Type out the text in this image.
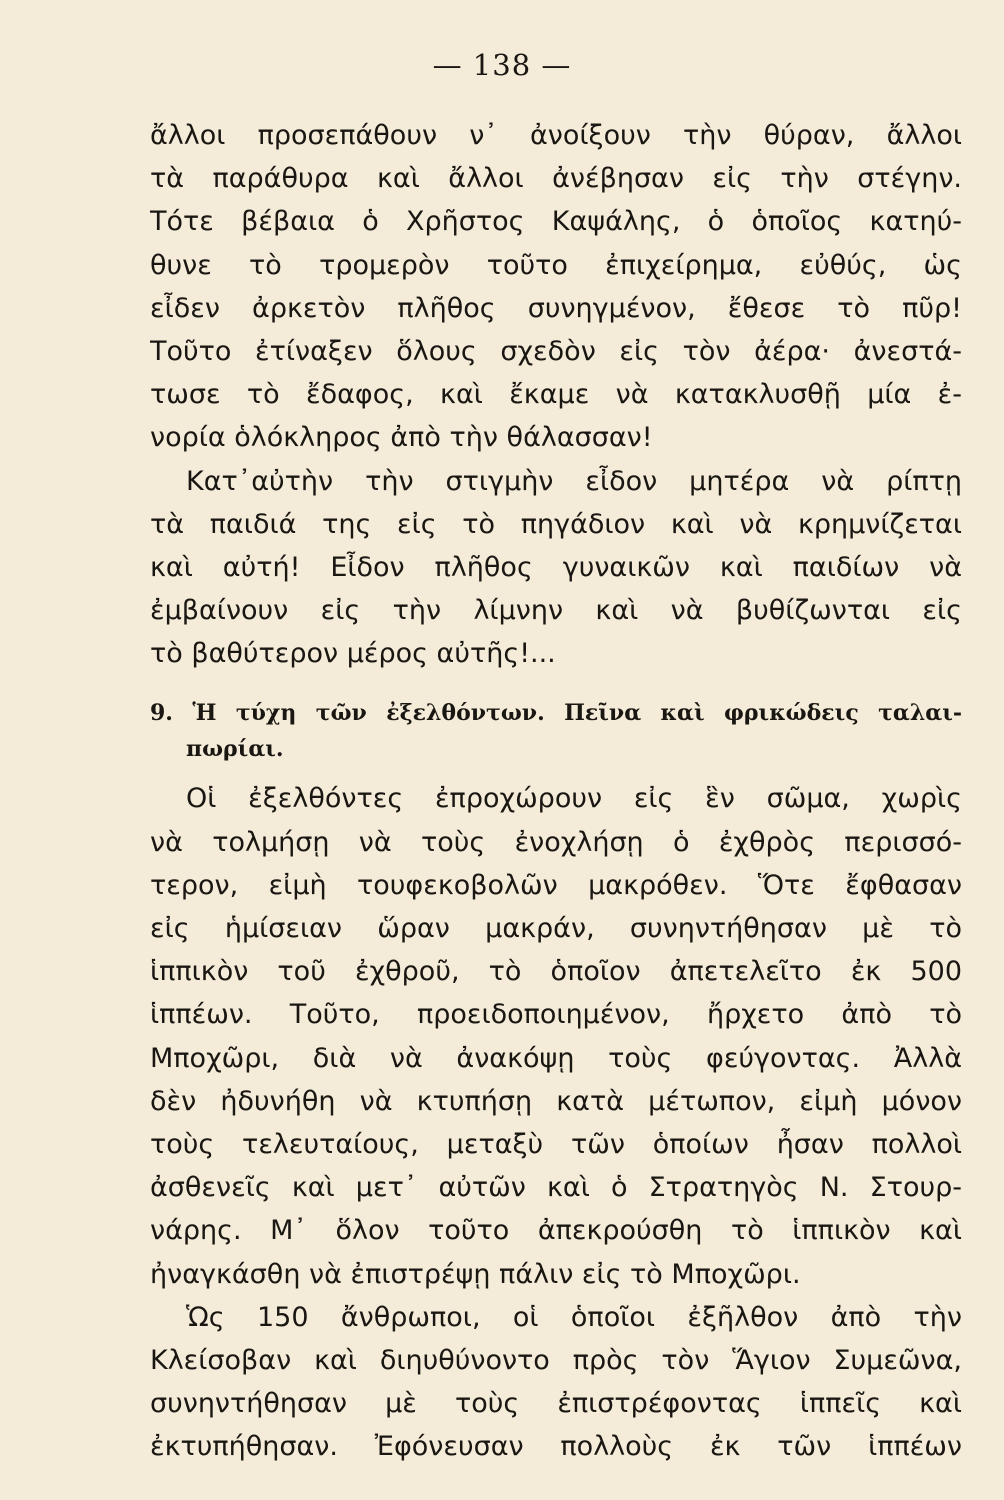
— 138 —
ἄλλοι προσεπάθουν ν᾽ ἀνοίξουν τὴν θύραν, ἄλλοι
τὰ παράθυρα καὶ ἄλλοι ἀνέβησαν εἰς τὴν στέγην.
Τότε βέβαια ὁ Χρῆστος Καψάλης, ὁ ὁποῖος κατηύ-
θυνε τὸ τρομερὸν τοῦτο ἐπιχείρημα, εὐθύς, ὡς
εἶδεν ἀρκετὸν πλῆθος συνηγμένον, ἔθεσε τὸ πῦρ!
Τοῦτο ἐτίναξεν ὅλους σχεδὸν εἰς τὸν ἀέρα· ἀνεστά-
τωσε τὸ ἔδαφος, καὶ ἔκαμε νὰ κατακλυσθῇ μία ἐ-
νορία ὁλόκληρος ἀπὸ τὴν θάλασσαν!
Κατ᾽αὐτὴν τὴν στιγμὴν εἶδον μητέρα νὰ ρίπτῃ
τὰ παιδιά της εἰς τὸ πηγάδιον καὶ νὰ κρημνίζεται
καὶ αὐτή! Εἶδον πλῆθος γυναικῶν καὶ παιδίων νὰ
ἐμβαίνουν εἰς τὴν λίμνην καὶ νὰ βυθίζωνται εἰς
τὸ βαθύτερον μέρος αὐτῆς!...
9. Ἡ τύχη τῶν ἐξελθόντων. Πεῖνα καὶ φρικώδεις ταλαι-
πωρίαι.
Οἱ ἐξελθόντες ἐπροχώρουν εἰς ἓν σῶμα, χωρὶς
νὰ τολμήσῃ νὰ τοὺς ἐνοχλήσῃ ὁ ἐχθρὸς περισσό-
τερον, εἰμὴ τουφεκοβολῶν μακρόθεν. Ὅτε ἔφθασαν
εἰς ἡμίσειαν ὥραν μακράν, συνηντήθησαν μὲ τὸ
ἱππικὸν τοῦ ἐχθροῦ, τὸ ὁποῖον ἀπετελεῖτο ἐκ 500
ἱππέων. Τοῦτο, προειδοποιημένον, ἤρχετο ἀπὸ τὸ
Μποχῶρι, διὰ νὰ ἀνακόψῃ τοὺς φεύγοντας. Ἀλλὰ
δὲν ἠδυνήθη νὰ κτυπήσῃ κατὰ μέτωπον, εἰμὴ μόνον
τοὺς τελευταίους, μεταξὺ τῶν ὁποίων ἦσαν πολλοὶ
ἀσθενεῖς καὶ μετ᾽ αὐτῶν καὶ ὁ Στρατηγὸς Ν. Στουρ-
νάρης. Μ᾽ ὅλον τοῦτο ἀπεκρούσθη τὸ ἱππικὸν καὶ
ἠναγκάσθη νὰ ἐπιστρέψῃ πάλιν εἰς τὸ Μποχῶρι.
Ὡς 150 ἄνθρωποι, οἱ ὁποῖοι ἐξῆλθον ἀπὸ τὴν
Κλείσοβαν καὶ διηυθύνοντο πρὸς τὸν Ἅγιον Συμεῶνα,
συνηντήθησαν μὲ τοὺς ἐπιστρέφοντας ἱππεῖς καὶ
ἐκτυπήθησαν. Ἐφόνευσαν πολλοὺς ἐκ τῶν ἱππέων
